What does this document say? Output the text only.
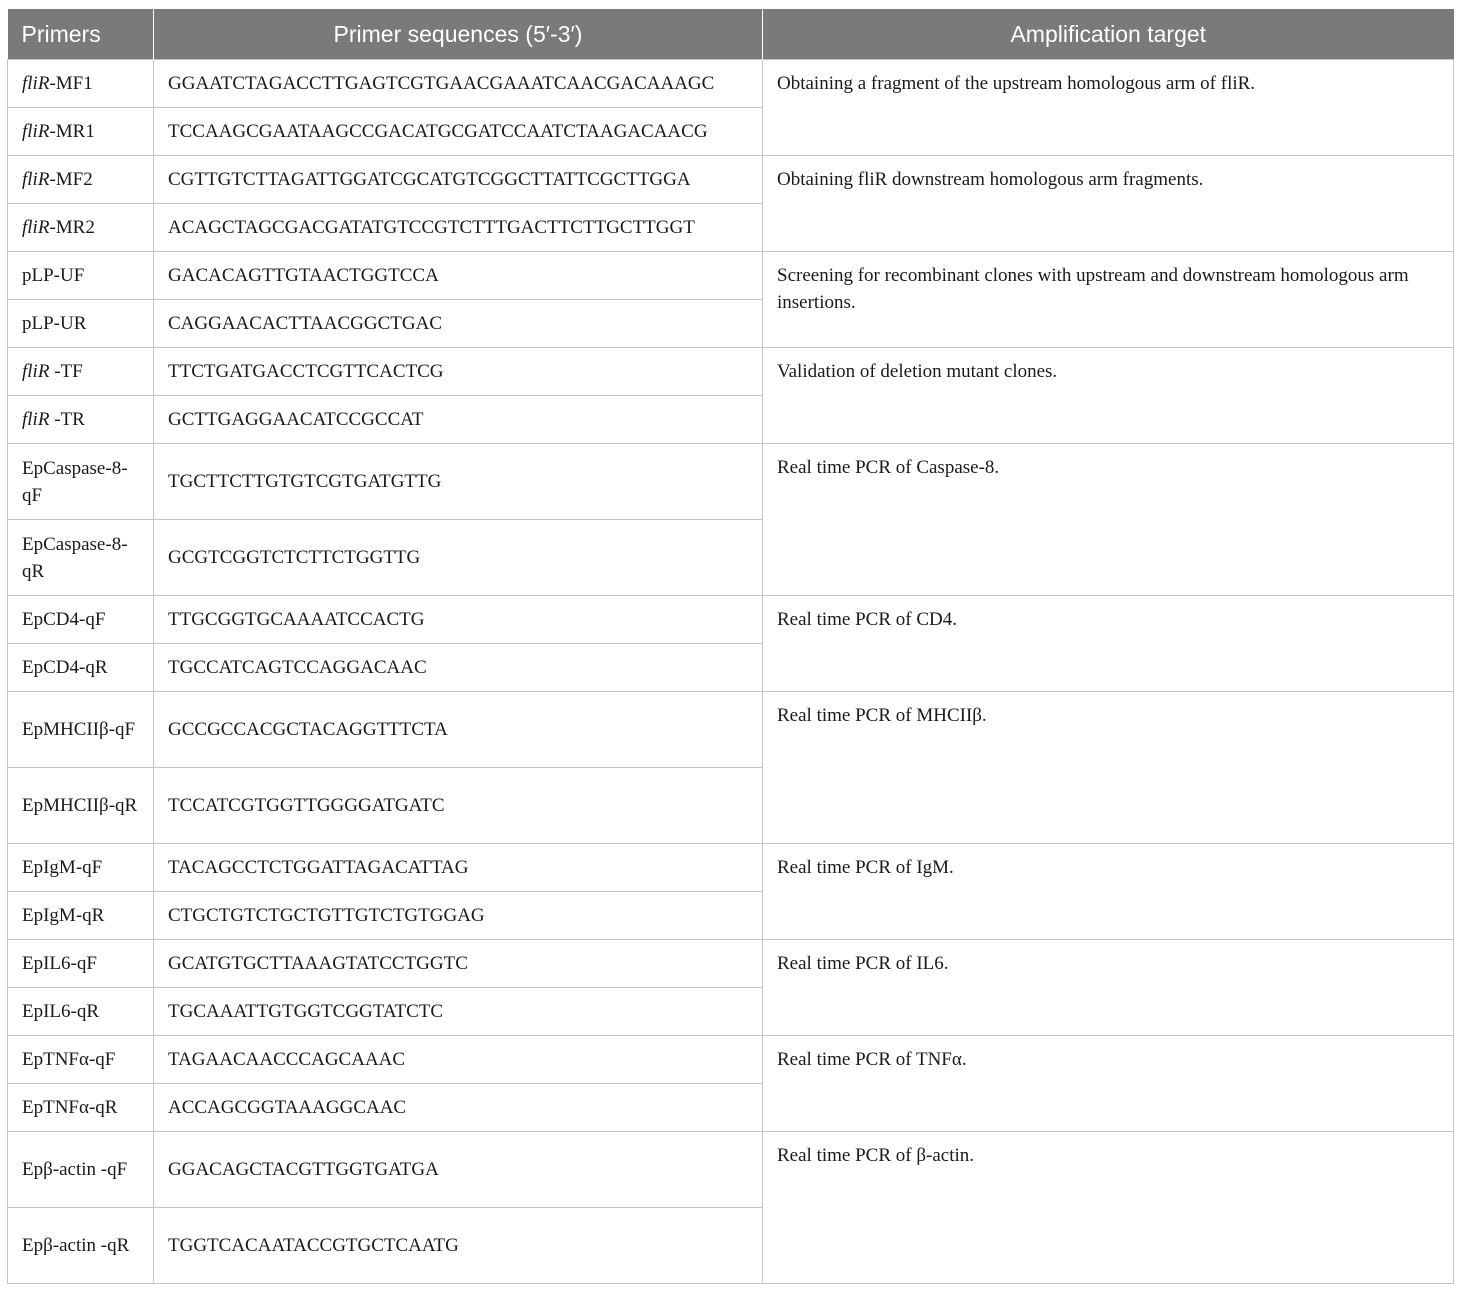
Primers	Primer sequences (5′-3′)	Amplification target
fliR-MF1	GGAATCTAGACCTTGAGTCGTGAACGAAATCAACGACAAAGC	Obtaining a fragment of the upstream homologous arm of fliR.
fliR-MR1	TCCAAGCGAATAAGCCGACATGCGATCCAATCTAAGACAACG	
fliR-MF2	CGTTGTCTTAGATTGGATCGCATGTCGGCTTATTCGCTTGGA	Obtaining fliR downstream homologous arm fragments.
fliR-MR2	ACAGCTAGCGACGATATGTCCGTCTTTGACTTCTTGCTTGGT	
pLP-UF	GACACAGTTGTAACTGGTCCA	Screening for recombinant clones with upstream and downstream homologous arm insertions.
pLP-UR	CAGGAACACTTAACGGCTGAC	
fliR -TF	TTCTGATGACCTCGTTCACTCG	Validation of deletion mutant clones.
fliR -TR	GCTTGAGGAACATCCGCCAT	
EpCaspase-8-qF	TGCTTCTTGTGTCGTGATGTTG	Real time PCR of Caspase-8.
EpCaspase-8-qR	GCGTCGGTCTCTTCTGGTTG	
EpCD4-qF	TTGCGGTGCAAAATCCACTG	Real time PCR of CD4.
EpCD4-qR	TGCCATCAGTCCAGGACAAC	
EpMHCIIβ-qF	GCCGCCACGCTACAGGTTTCTA	Real time PCR of MHCIIβ.
EpMHCIIβ-qR	TCCATCGTGGTTGGGGATGATC	
EpIgM-qF	TACAGCCTCTGGATTAGACATTAG	Real time PCR of IgM.
EpIgM-qR	CTGCTGTCTGCTGTTGTCTGTGGAG	
EpIL6-qF	GCATGTGCTTAAAGTATCCTGGTC	Real time PCR of IL6.
EpIL6-qR	TGCAAATTGTGGTCGGTATCTC	
EpTNFα-qF	TAGAACAACCCAGCAAAC	Real time PCR of TNFα.
EpTNFα-qR	ACCAGCGGTAAAGGCAAC	
Epβ-actin -qF	GGACAGCTACGTTGGTGATGA	Real time PCR of β-actin.
Epβ-actin -qR	TGGTCACAATACCGTGCTCAATG	
